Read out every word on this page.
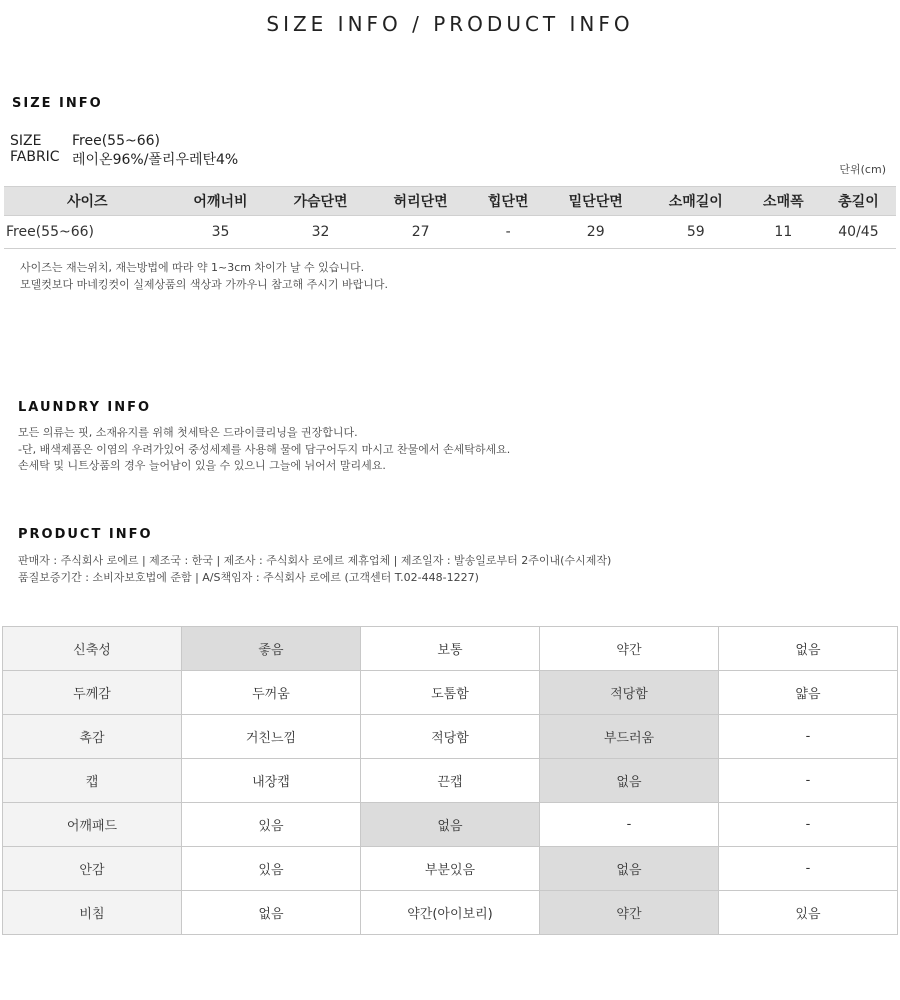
SIZE INFO / PRODUCT INFO
SIZE INFO
SIZE	Free(55~66)
FABRIC 레이온96%/폴리우레탄4%
단위(cm)
사이즈	어깨너비	가슴단면	허리단면	힙단면	밑단단면	소매길이	소매폭	총길이
Free(55~66)	35	32	27	-	29	59	11	40/45
사이즈는 재는위치, 재는방법에 따라 약 1~3cm 차이가 날 수 있습니다.
모델컷보다 마네킹컷이 실제상품의 색상과 가까우니 참고해 주시기 바랍니다.
LAUNDRY INFO
모든 의류는 핏, 소재유지를 위해 첫세탁은 드라이클리닝을 권장합니다.
-단, 배색제품은 이염의 우려가있어 중성세제를 사용해 물에 담구어두지 마시고 찬물에서 손세탁하세요.
손세탁 및 니트상품의 경우 늘어남이 있을 수 있으니 그늘에 뉘어서 말리세요.
PRODUCT INFO
판매자 : 주식회사 로에르 | 제조국 : 한국 | 제조사 : 주식회사 로에르 제휴업체 | 제조일자 : 발송일로부터 2주이내(수시제작)
품질보증기간 : 소비자보호법에 준함 | A/S책임자 : 주식회사 로에르 (고객센터 T.02-448-1227)
신축성	좋음	보통	약간	없음
두께감	두꺼움	도톰함	적당함	얇음
촉감	거친느낌	적당함	부드러움	-
캡	내장캡	끈캡	없음	-
어깨패드	있음	없음	-	-
안감	있음	부분있음	없음	-
비침	없음	약간(아이보리)	약간	있음
